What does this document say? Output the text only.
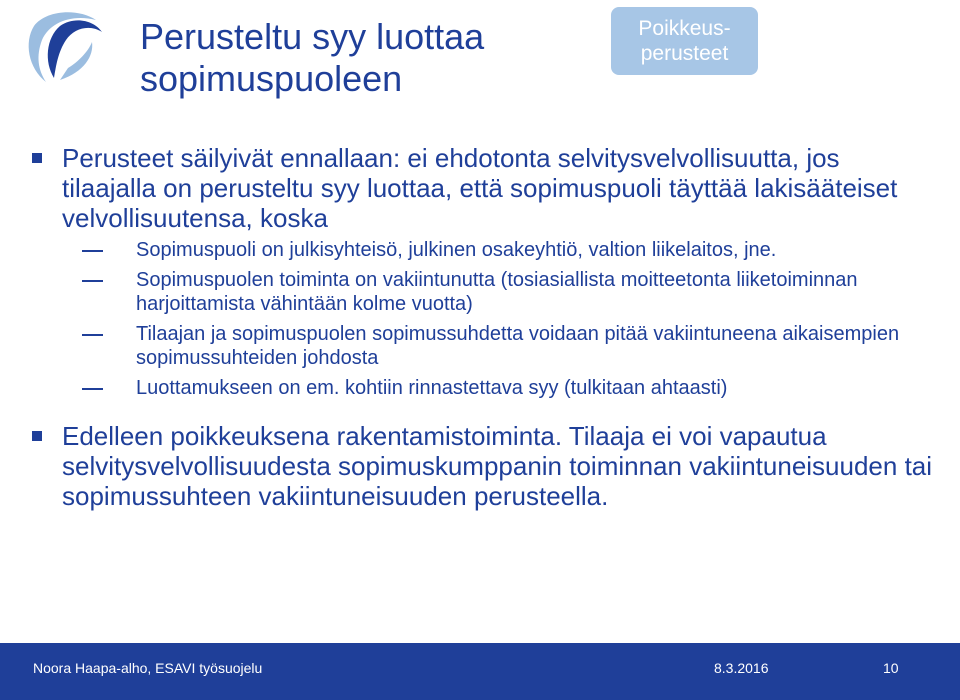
Perusteltu syy luottaa
sopimuspuoleen
Poikkeus-
perusteet
Perusteet säilyivät ennallaan: ei ehdotonta selvitysvelvollisuutta, jos tilaajalla on perusteltu syy luottaa, että sopimuspuoli täyttää lakisääteiset velvollisuutensa, koska
Sopimuspuoli on julkisyhteisö, julkinen osakeyhtiö, valtion liikelaitos, jne.
Sopimuspuolen toiminta on vakiintunutta (tosiasiallista moitteetonta liiketoiminnan harjoittamista vähintään kolme vuotta)
Tilaajan ja sopimuspuolen sopimussuhdetta voidaan pitää vakiintuneena aikaisempien sopimussuhteiden johdosta
Luottamukseen on em. kohtiin rinnastettava syy (tulkitaan ahtaasti)
Edelleen poikkeuksena rakentamistoiminta. Tilaaja ei voi vapautua selvitysvelvollisuudesta sopimuskumppanin toiminnan vakiintuneisuuden tai sopimussuhteen vakiintuneisuuden perusteella.
Noora Haapa-alho, ESAVI työsuojelu	8.3.2016	10
